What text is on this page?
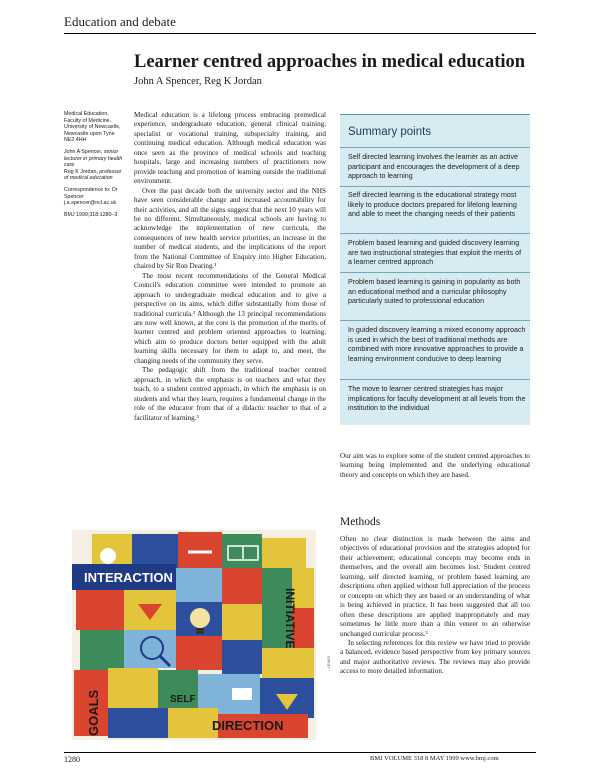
Education and debate
Learner centred approaches in medical education
John A Spencer, Reg K Jordan

Medical Education, Faculty of Medicine, University of Newcastle, Newcastle upon Tyne NE2 4HH

John A Spencer, senior lecturer in primary health care
Reg K Jordan, professor of medical education

Correspondence to: Dr Spencer j.a.spencer@ncl.ac.uk

BMJ 1999;318:1280–3

Medical education is a lifelong process embracing premedical experience, undergraduate education, general clinical training, specialist or vocational training, subspecialty training, and continuing medical education. Although medical education was once seen as the province of medical schools and teaching hospitals, large and increasing numbers of practitioners now provide teaching and promotion of learning outside the traditional environment.

Over the past decade both the university sector and the NHS have seen considerable change and increased accountability for their activities, and all the signs suggest that the next 10 years will be no different. Simultaneously, medical schools are having to acknowledge the implementation of new curricula, the consequences of new health service priorities, an increase in the number of medical students, and the implications of the report from the National Committee of Enquiry into Higher Education, chaired by Sir Ron Dearing.¹

The most recent recommendations of the General Medical Council's education committee were intended to promote an approach to undergraduate medical education and to give a perspective on its aims, which differ substantially from those of traditional curricula.² Although the 13 principal recommendations are now well known, at the core is the promotion of the merits of learner centred and problem oriented approaches to learning, which aim to produce doctors better equipped with the adult learning skills necessary for them to adapt to, and meet, the changing needs of the community they serve.

The pedagogic shift from the traditional teacher centred approach, in which the emphasis is on teachers and what they teach, to a student centred approach, in which the emphasis is on students and what they learn, requires a fundamental change in the role of the educator from that of a didactic teacher to that of a facilitator of learning.³

Summary points
Self directed learning involves the learner as an active participant and encourages the development of a deep approach to learning
Self directed learning is the educational strategy most likely to produce doctors prepared for lifelong learning and able to meet the changing needs of their patients
Problem based learning and guided discovery learning are two instructional strategies that exploit the merits of a learner centred approach
Problem based learning is gaining in popularity as both an educational method and a curricular philosophy particularly suited to professional education
In guided discovery learning a mixed economy approach is used in which the best of traditional methods are combined with more innovative approaches to provide a learning environment conducive to deep learning
The move to learner centred strategies has major implications for faculty development at all levels from the institution to the individual
Our aim was to explore some of the student centred approaches to learning being implemented and the underlying educational theory and concepts on which they are based.
Methods

Often no clear distinction is made between the aims and objectives of educational provision and the strategies adopted for their achievement; educational concepts may become ends in themselves, and the overall aim becomes lost. Student centred learning, self directed learning, or problem based learning are descriptions often applied without full appreciation of the process or concepts on which they are based or an understanding of what is being achieved in practice. It has been suggested that all too often these descriptions are applied inappropriately and may sometimes be little more than a thin veneer to an otherwise unchanged curricular process.³

In selecting references for this review we have tried to provide a balanced, evidence based perspective from key primary sources and major authoritative reviews. The reviews may also provide access to more detailed information.

INTERACTION
INITIATIVE
GOALS	SELF
DIRECTION
LEWIS
1280	BMJ VOLUME 318 8 MAY 1999 www.bmj.com
